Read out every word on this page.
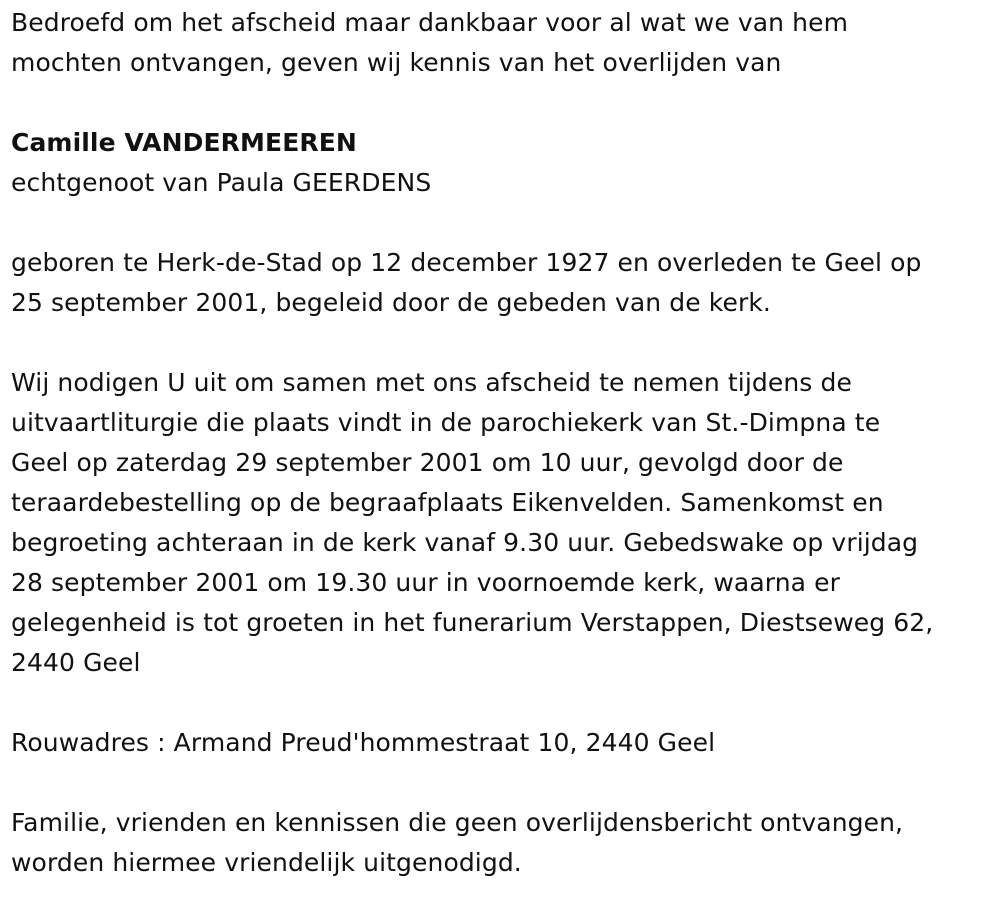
Bedroefd om het afscheid maar dankbaar voor al wat we van hem
mochten ontvangen, geven wij kennis van het overlijden van

Camille VANDERMEEREN

echtgenoot van Paula GEERDENS

geboren te Herk-de-Stad op 12 december 1927 en overleden te Geel op
25 september 2001, begeleid door de gebeden van de kerk.

Wij nodigen U uit om samen met ons afscheid te nemen tijdens de
uitvaartliturgie die plaats vindt in de parochiekerk van St.-Dimpna te
Geel op zaterdag 29 september 2001 om 10 uur, gevolgd door de
teraardebestelling op de begraafplaats Eikenvelden. Samenkomst en
begroeting achteraan in de kerk vanaf 9.30 uur. Gebedswake op vrijdag
28 september 2001 om 19.30 uur in voornoemde kerk, waarna er
gelegenheid is tot groeten in het funerarium Verstappen, Diestseweg 62,
2440 Geel

Rouwadres : Armand Preud'hommestraat 10, 2440 Geel

Familie, vrienden en kennissen die geen overlijdensbericht ontvangen,
worden hiermee vriendelijk uitgenodigd.
